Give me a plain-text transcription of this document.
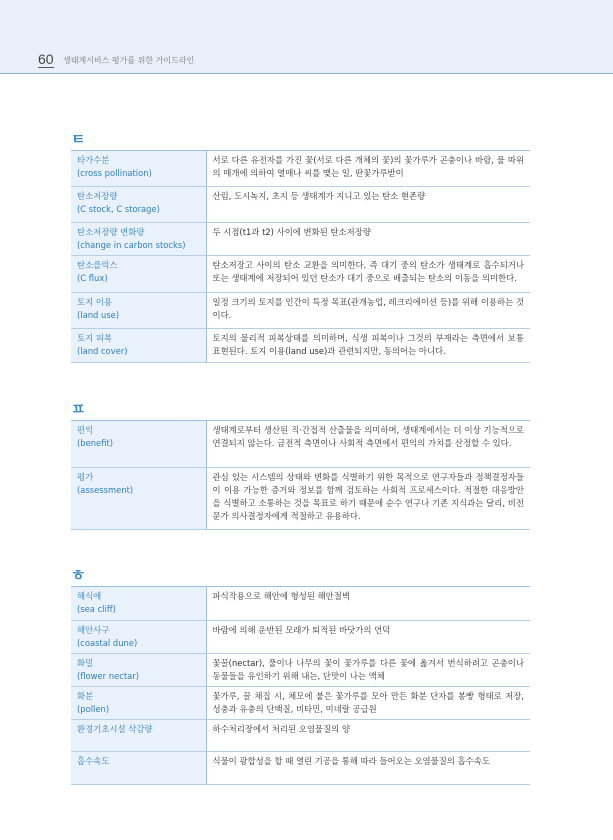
60 생태계서비스 평가를 위한 가이드라인
ㅌ
타가수분
(cross pollination)	서로 다른 유전자를 가진 꽃(서로 다른 개체의 꽃)의 꽃가루가 곤충이나 바람, 물 따위의 매개에 의하여 열매나 씨를 맺는 일, 딴꽃가루받이

탄소저장량
(C stock, C storage)	산림, 도시녹지, 초지 등 생태계가 지니고 있는 탄소 현존량

탄소저장량 변화량
(change in carbon stocks)	두 시점(t1과 t2) 사이에 변화된 탄소저장량

탄소플럭스
(C flux)	탄소저장고 사이의 탄소 교환을 의미한다. 즉 대기 중의 탄소가 생태계로 흡수되거나 또는 생태계에 저장되어 있던 탄소가 대기 중으로 배출되는 탄소의 이동을 의미한다.

토지 이용
(land use)	일정 크기의 토지를 인간이 특정 목표(관개농업, 레크리에이션 등)를 위해 이용하는 것이다.

토지 피복
(land cover)	토지의 물리적 피복상태를 의미하며, 식생 피복이나 그것의 부재라는 측면에서 보통 표현된다. 토지 이용(land use)과 관련되지만, 동의어는 아니다.
ㅍ
편익
(benefit)	생태계로부터 생산된 직·간접적 산출물을 의미하며, 생태계에서는 더 이상 기능적으로 연결되지 않는다. 금전적 측면이나 사회적 측면에서 편익의 가치를 산정할 수 있다.

평가
(assessment)	관심 있는 시스템의 상태와 변화를 식별하기 위한 목적으로 연구자들과 정책결정자들이 이용 가능한 증거와 정보를 함께 검토하는 사회적 프로세스이다. 적절한 대응방안을 식별하고 소통하는 것을 목표로 하기 때문에 순수 연구나 기존 지식과는 달리, 비전문가 의사결정자에게 적절하고 유용하다.
ㅎ
해식애
(sea cliff)	파식작용으로 해안에 형성된 해안절벽

해안사구
(coastal dune)	바람에 의해 운반된 모래가 퇴적된 바닷가의 언덕

화밀
(flower nectar)	꽃꿀(nectar), 풀이나 나무의 꽃이 꽃가루를 다른 꽃에 옮겨서 번식하려고 곤충이나 동물들을 유인하기 위해 내는, 단맛이 나는 액체

화분
(pollen)	꽃가루, 꿀 채집 시, 체모에 붙은 꽃가루를 모아 만든 화분 단자를 봉빵 형태로 저장, 성충과 유충의 단백질, 비타민, 미네랄 공급원

환경기초시설 삭감량	하수처리장에서 처리된 오염물질의 양

흡수속도	식물이 광합성을 할 때 열린 기공을 통해 따라 들어오는 오염물질의 흡수속도
